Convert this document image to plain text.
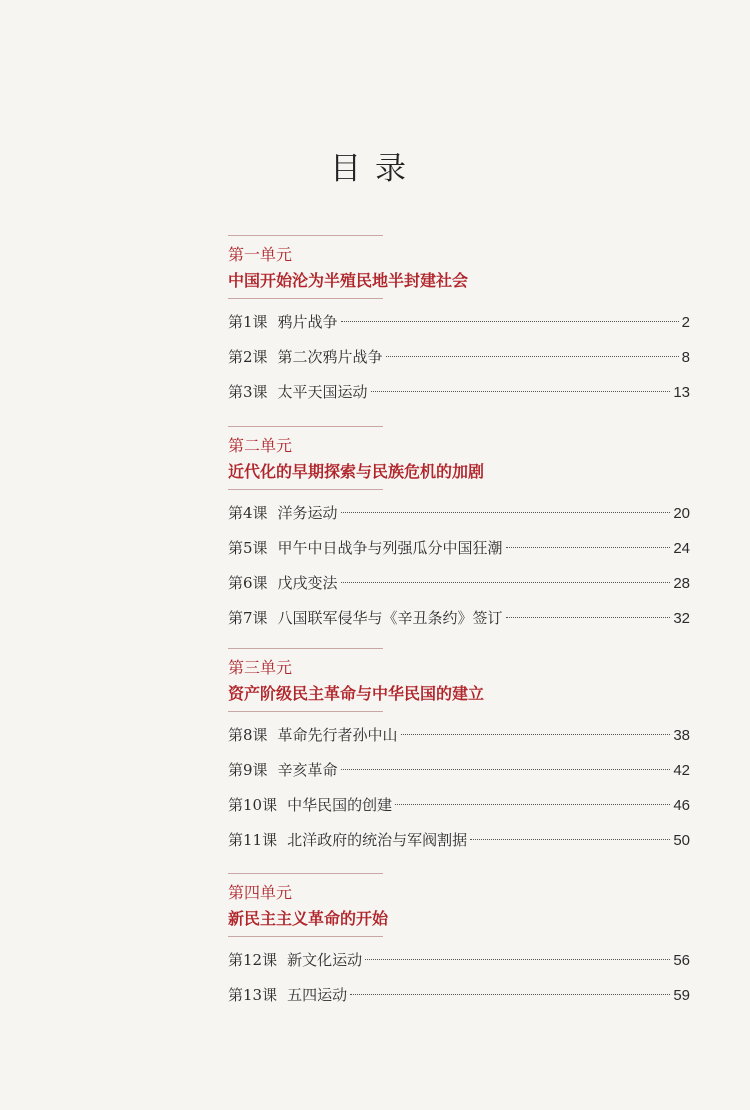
目录
第一单元
中国开始沦为半殖民地半封建社会
第1课 鸦片战争	2
第2课 第二次鸦片战争	8
第3课 太平天国运动	13
第二单元
近代化的早期探索与民族危机的加剧
第4课 洋务运动	20
第5课 甲午中日战争与列强瓜分中国狂潮	24
第6课 戊戌变法	28
第7课 八国联军侵华与《辛丑条约》签订	32
第三单元
资产阶级民主革命与中华民国的建立
第8课 革命先行者孙中山	38
第9课 辛亥革命	42
第10课 中华民国的创建	46
第11课 北洋政府的统治与军阀割据	50
第四单元
新民主主义革命的开始
第12课 新文化运动	56
第13课 五四运动	59
